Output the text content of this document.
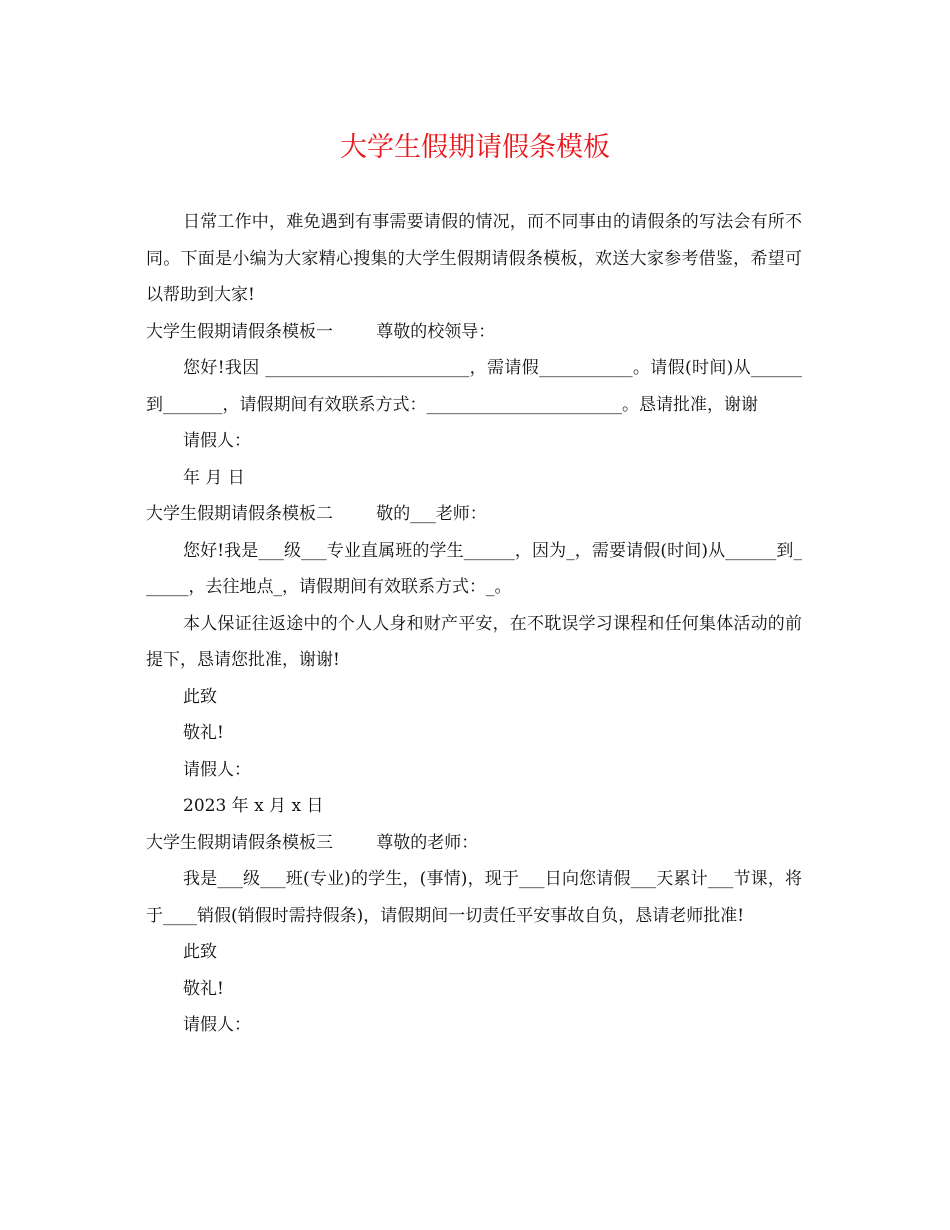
大学生假期请假条模板

日常工作中，难免遇到有事需要请假的情况，而不同事由的请假条的写法会有所不同。下面是小编为大家精心搜集的大学生假期请假条模板，欢送大家参考借鉴，希望可以帮助到大家!

大学生假期请假条模板一        尊敬的校领导：

您好!我因 ________________________，需请假___________。请假(时间)从______到_______，请假期间有效联系方式：_______________________。恳请批准，谢谢

请假人：

年 月 日

大学生假期请假条模板二        敬的___老师：

您好!我是___级___专业直属班的学生______，因为_，需要请假(时间)从______到______，去往地点_，请假期间有效联系方式：_。

本人保证往返途中的个人人身和财产平安，在不耽误学习课程和任何集体活动的前提下，恳请您批准，谢谢!

此致

敬礼!

请假人：

2023 年 x 月 x 日

大学生假期请假条模板三        尊敬的老师：

我是___级___班(专业)的学生，(事情)，现于___日向您请假___天累计___节课，将于____销假(销假时需持假条)，请假期间一切责任平安事故自负，恳请老师批准!

此致

敬礼!

请假人：
